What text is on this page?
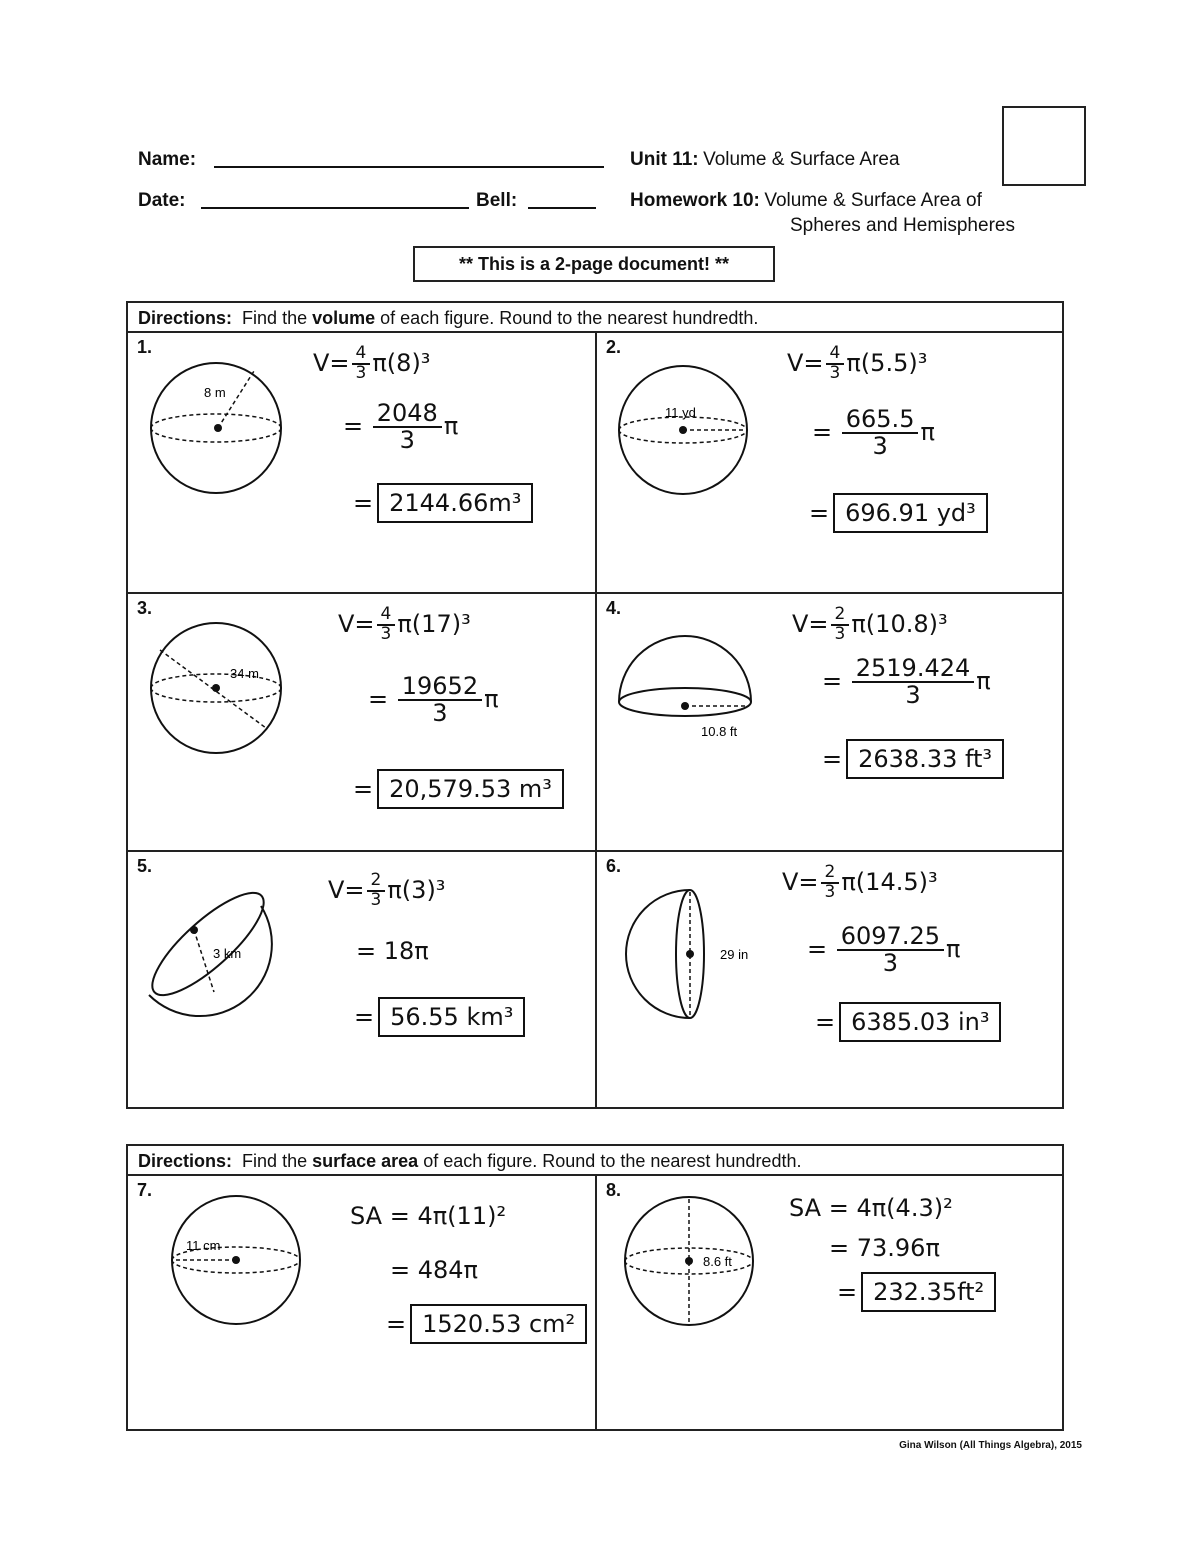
Name:
Date:	Bell:
Unit 11: Volume & Surface Area
Homework 10: Volume & Surface Area of
Spheres and Hemispheres
** This is a 2-page document! **
Directions: Find the volume of each figure. Round to the nearest hundredth.
1.
8 m
$V= \frac{4}{3} \pi(8)^3$
= $\frac{2048}{3}$ π
= 2144.66m³
2.
11 yd
$V= \frac{4}{3} \pi(5.5)^3$
= $\frac{665.5}{3}$ π
= 696.91 yd³
3.
34 m
$V= \frac{4}{3} \pi(17)^3$
= $\frac{19652}{3}$ π
= 20,579.53 m³
4.
10.8 ft
$V= \frac{2}{3} \pi(10.8)^3$
= $\frac{2519.424}{3}$ π
= 2638.33 ft³
5.
3 km
$V= \frac{2}{3} \pi(3)^3$
= 18π
= 56.55 km³
6.
29 in
$V= \frac{2}{3} \pi(14.5)^3$
= $\frac{6097.25}{3}$ π
= 6385.03 in³
Directions: Find the surface area of each figure. Round to the nearest hundredth.
7.
11 cm
SA = 4π(11)²
= 484π
= 1520.53 cm²
8.
8.6 ft
SA = 4π(4.3)²
= 73.96π
= 232.35ft²
Gina Wilson (All Things Algebra), 2015
